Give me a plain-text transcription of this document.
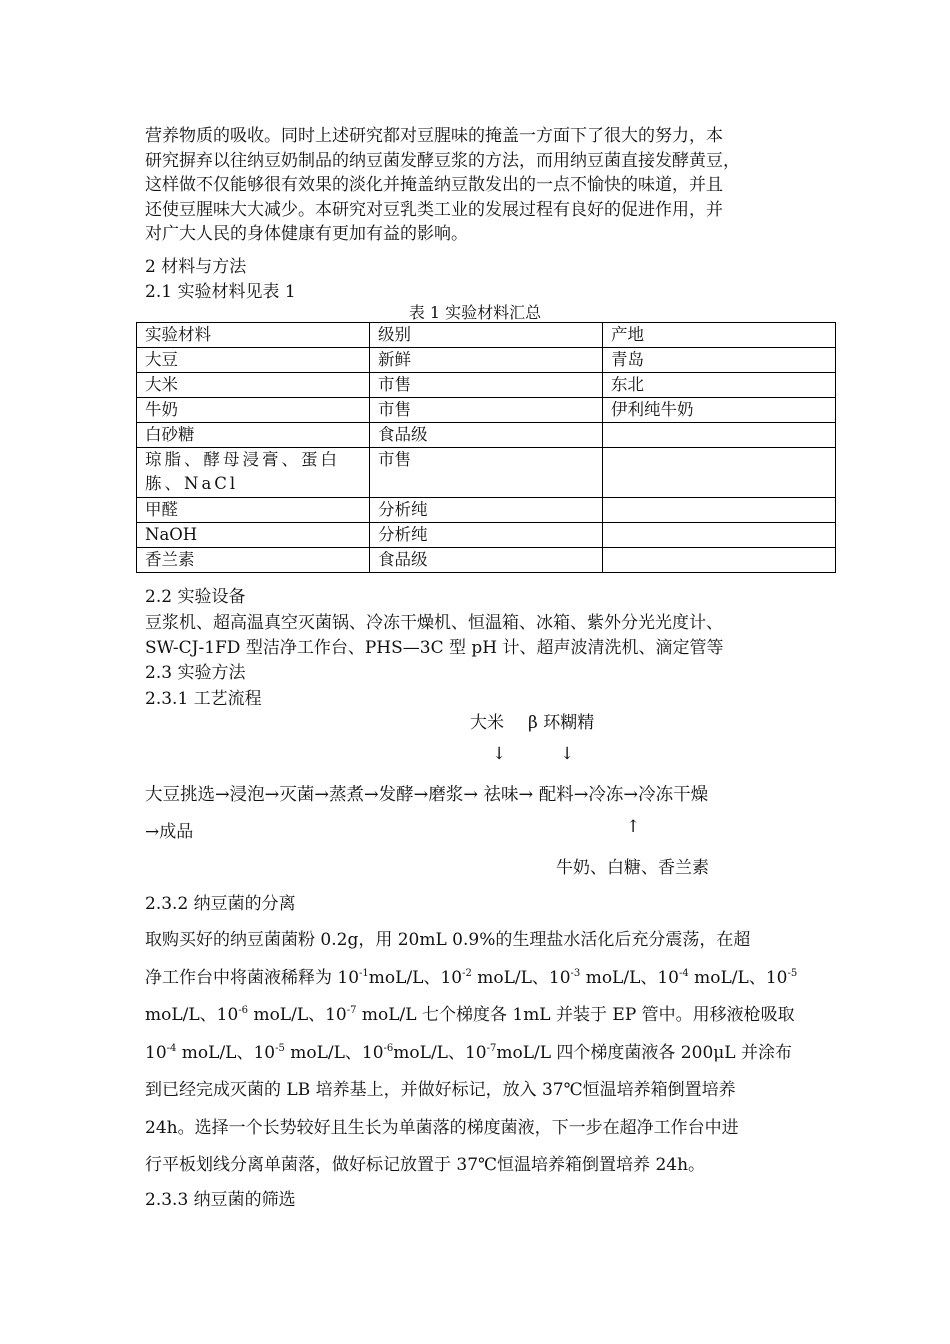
营养物质的吸收。同时上述研究都对豆腥味的掩盖一方面下了很大的努力，本

研究摒弃以往纳豆奶制品的纳豆菌发酵豆浆的方法，而用纳豆菌直接发酵黄豆，

这样做不仅能够很有效果的淡化并掩盖纳豆散发出的一点不愉快的味道，并且

还使豆腥味大大减少。本研究对豆乳类工业的发展过程有良好的促进作用，并

对广大人民的身体健康有更加有益的影响。

2 材料与方法
2.1 实验材料见表 1
表 1 实验材料汇总
实验材料	级别	产地
大豆	新鲜	青岛
大米	市售	东北
牛奶	市售	伊利纯牛奶
白砂糖	食品级	
琼脂、酵母浸膏、蛋白胨、NaCl	市售	
甲醛	分析纯	
NaOH	分析纯	
香兰素	食品级	
2.2 实验设备
豆浆机、超高温真空灭菌锅、冷冻干燥机、恒温箱、冰箱、紫外分光光度计、
SW-CJ-1FD 型洁净工作台、PHS—3C 型 pH 计、超声波清洗机、滴定管等
2.3 实验方法
2.3.1 工艺流程
大米 β 环糊精
↓	↓
大豆挑选→浸泡→灭菌→蒸煮→发酵→磨浆→ 祛味→ 配料→冷冻→冷冻干燥
→成品	↑
牛奶、白糖、香兰素
2.3.2 纳豆菌的分离

取购买好的纳豆菌菌粉 0.2g，用 20mL 0.9%的生理盐水活化后充分震荡，在超

净工作台中将菌液稀释为 $10^{-1}moL/L$、$10^{-2}$ moL/L、$10^{-3}$ moL/L、$10^{-4}$ moL/L、$10^{-5}$

moL/L、$10^{-6}$ moL/L、$10^{-7}$ moL/L 七个梯度各 1mL 并装于 EP 管中。用移液枪吸取

$10^{-4}$ moL/L、$10^{-5}$ moL/L、$10^{-6}moL/L$、$10^{-7}moL/L$ 四个梯度菌液各 200μL 并涂布

到已经完成灭菌的 LB 培养基上，并做好标记，放入 37℃恒温培养箱倒置培养

24h。选择一个长势较好且生长为单菌落的梯度菌液，下一步在超净工作台中进

行平板划线分离单菌落，做好标记放置于 37℃恒温培养箱倒置培养 24h。

2.3.3 纳豆菌的筛选
